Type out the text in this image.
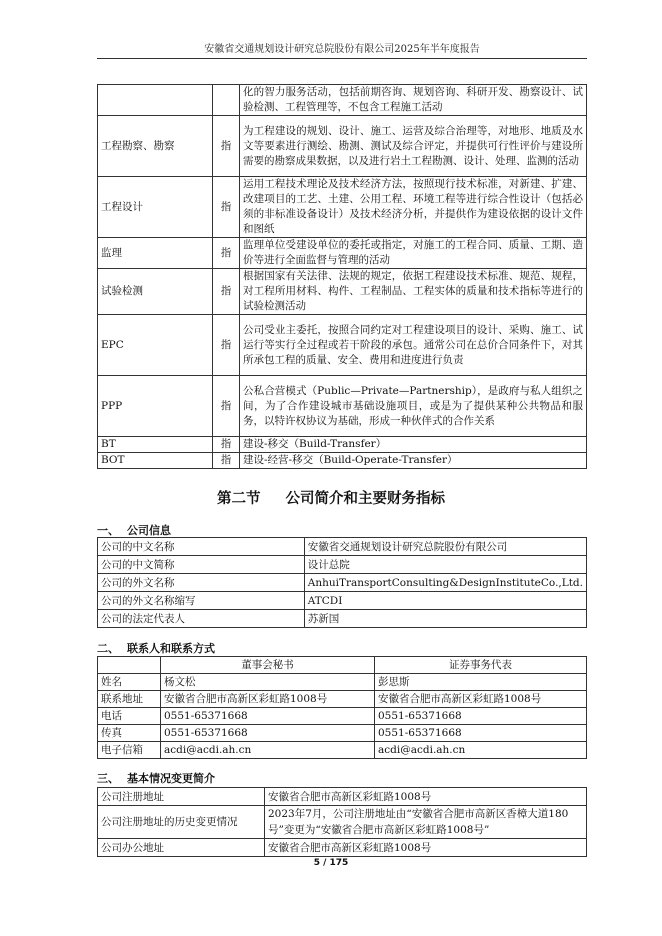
安徽省交通规划设计研究总院股份有限公司2025年半年度报告
		化的智力服务活动，包括前期咨询、规划咨询、科研开发、勘察设计、试验检测、工程管理等，不包含工程施工活动
工程勘察、勘察	指	为工程建设的规划、设计、施工、运营及综合治理等，对地形、地质及水文等要素进行测绘、勘测、测试及综合评定，并提供可行性评价与建设所需要的勘察成果数据，以及进行岩土工程勘测、设计、处理、监测的活动
工程设计	指	运用工程技术理论及技术经济方法，按照现行技术标准，对新建、扩建、改建项目的工艺、土建、公用工程、环境工程等进行综合性设计（包括必须的非标准设备设计）及技术经济分析，并提供作为建设依据的设计文件和图纸
监理	指	监理单位受建设单位的委托或指定，对施工的工程合同、质量、工期、造价等进行全面监督与管理的活动
试验检测	指	根据国家有关法律、法规的规定，依据工程建设技术标准、规范、规程，对工程所用材料、构件、工程制品、工程实体的质量和技术指标等进行的试验检测活动
EPC	指	公司受业主委托，按照合同约定对工程建设项目的设计、采购、施工、试运行等实行全过程或若干阶段的承包。通常公司在总价合同条件下，对其所承包工程的质量、安全、费用和进度进行负责
PPP	指	公私合营模式（Public—Private—Partnership），是政府与私人组织之间，为了合作建设城市基础设施项目，或是为了提供某种公共物品和服务，以特许权协议为基础，形成一种伙伴式的合作关系
BT	指	建设-移交（Build-Transfer）
BOT	指	建设-经营-移交（Build-Operate-Transfer）
第二节 公司简介和主要财务指标
一、 公司信息
公司的中文名称	安徽省交通规划设计研究总院股份有限公司
公司的中文简称	设计总院
公司的外文名称	AnhuiTransportConsulting&DesignInstituteCo.,Ltd.
公司的外文名称缩写	ATCDI
公司的法定代表人	苏新国
二、 联系人和联系方式
	董事会秘书	证券事务代表
姓名	杨文松	彭思斯
联系地址	安徽省合肥市高新区彩虹路1008号	安徽省合肥市高新区彩虹路1008号
电话	0551-65371668	0551-65371668
传真	0551-65371668	0551-65371668
电子信箱	acdi@acdi.ah.cn	acdi@acdi.ah.cn
三、 基本情况变更简介
公司注册地址	安徽省合肥市高新区彩虹路1008号
公司注册地址的历史变更情况	2023年7月，公司注册地址由“安徽省合肥市高新区香樟大道180号”变更为“安徽省合肥市高新区彩虹路1008号”
公司办公地址	安徽省合肥市高新区彩虹路1008号
5 / 175
